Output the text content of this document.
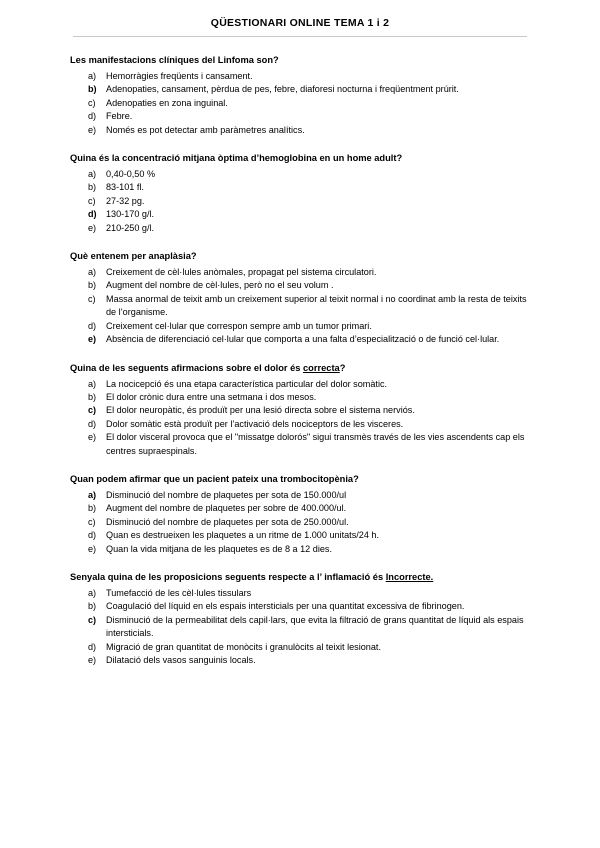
QÜESTIONARI ONLINE TEMA 1 i 2

Les manifestacions clíniques del Linfoma son?

a)	Hemorràgies freqüents i cansament.
b)	Adenopaties, cansament, pèrdua de pes, febre, diaforesi nocturna i freqüentment prúrit.
c)	Adenopaties en zona inguinal.
d)	Febre.
e)	Només es pot detectar amb paràmetres analítics.

Quina és la concentració mitjana òptima d’hemoglobina en un home adult?

a)	0,40-0,50 %
b)	83-101 fl.
c)	27-32 pg.
d)	130-170 g/l.
e)	210-250 g/l.

Què entenem per anaplàsia?

a)	Creixement de cèl·lules anòmales, propagat pel sistema circulatori.
b)	Augment del nombre de cèl·lules, però no el seu volum .
c)	Massa anormal de teixit amb un creixement superior al teixit normal i no coordinat amb la resta de teixits de l’organisme.
d)	Creixement cel·lular que correspon sempre amb un tumor primari.
e)	Absència de diferenciació cel·lular que comporta a una falta d’especialització o de funció cel·lular.

Quina de les seguents afirmacions sobre el dolor és correcta?

a)	La nocicepció és una etapa característica particular del dolor somàtic.
b)	El dolor crònic dura entre una setmana i dos mesos.
c)	El dolor neuropàtic, és produït per una lesió directa sobre el sistema nerviós.
d)	Dolor somàtic està produït per l’activació dels nociceptors de les visceres.
e)	El dolor visceral provoca que el "missatge dolorós" sigui transmès través de les vies ascendents cap els centres supraespinals.

Quan podem afirmar que un pacient pateix una trombocitopènia?

a)	Disminució del nombre de plaquetes per sota de 150.000/ul
b)	Augment del nombre de plaquetes per sobre de 400.000/ul.
c)	Disminució del nombre de plaquetes per sota de 250.000/ul.
d)	Quan es destrueixen les plaquetes a un ritme de 1.000 unitats/24 h.
e)	Quan la vida mitjana de les plaquetes es de 8 a 12 dies.

Senyala quina de les proposicions seguents respecte a l’ inflamació és Incorrecte.

a)	Tumefacció de les cèl·lules tissulars
b)	Coagulació del líquid en els espais intersticials per una quantitat excessiva de fibrinogen.
c)	Disminució de la permeabilitat dels capil·lars, que evita la filtració de grans quantitat de líquid als espais intersticials.
d)	Migració de gran quantitat de monòcits i granulòcits al teixit lesionat.
e)	Dilatació dels vasos sanguinis locals.
